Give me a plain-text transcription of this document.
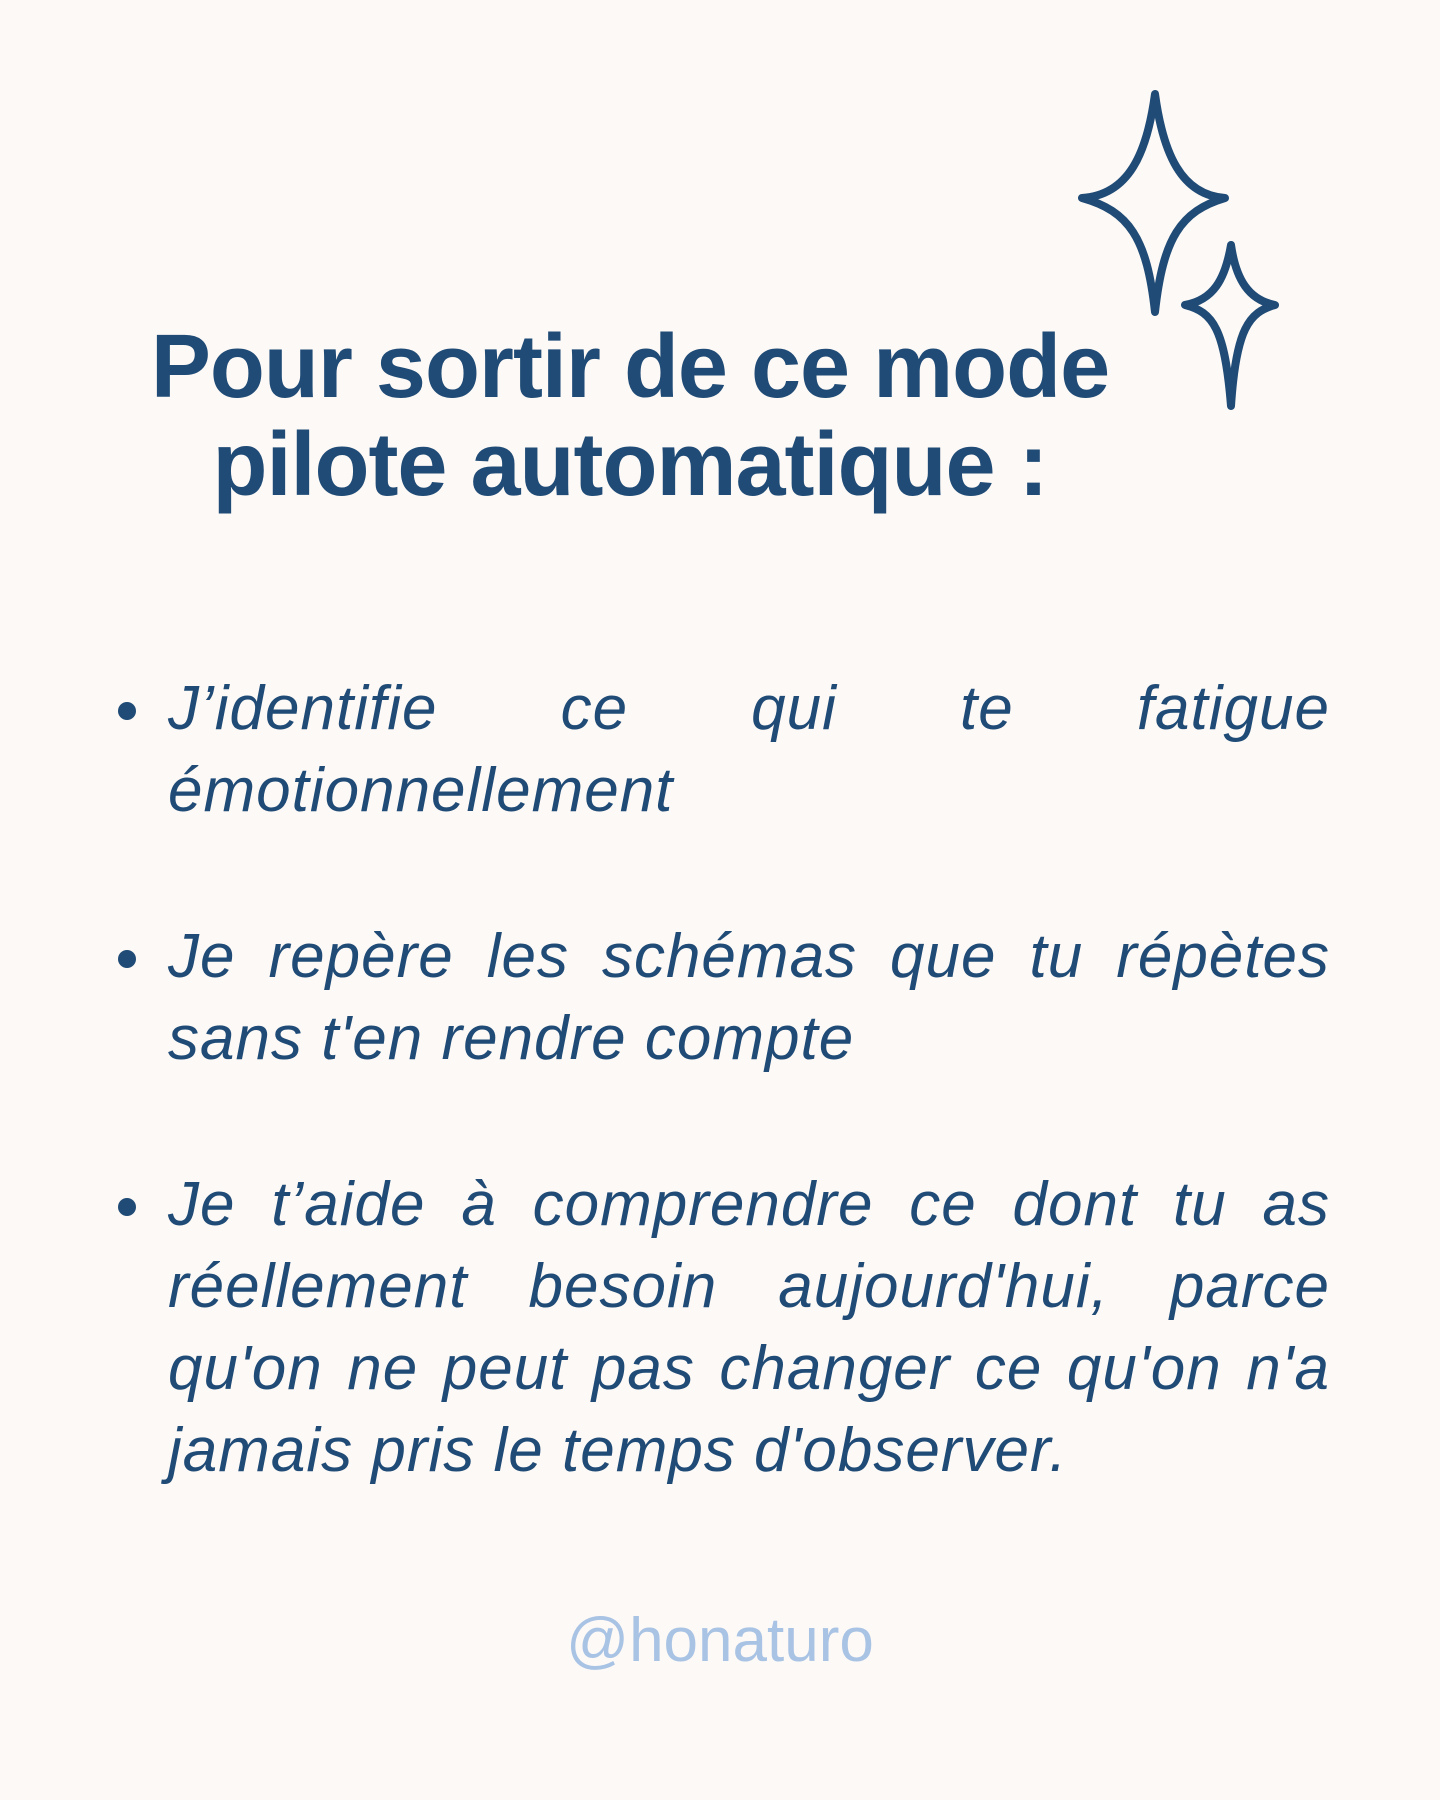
Pour sortir de ce mode
pilote automatique :
J’identifie ce qui te fatigue émotionnellement
Je repère les schémas que tu répètes sans t'en rendre compte
Je t’aide à comprendre ce dont tu as réellement besoin aujourd'hui, parce qu'on ne peut pas changer ce qu'on n'a jamais pris le temps d'observer.

@honaturo
